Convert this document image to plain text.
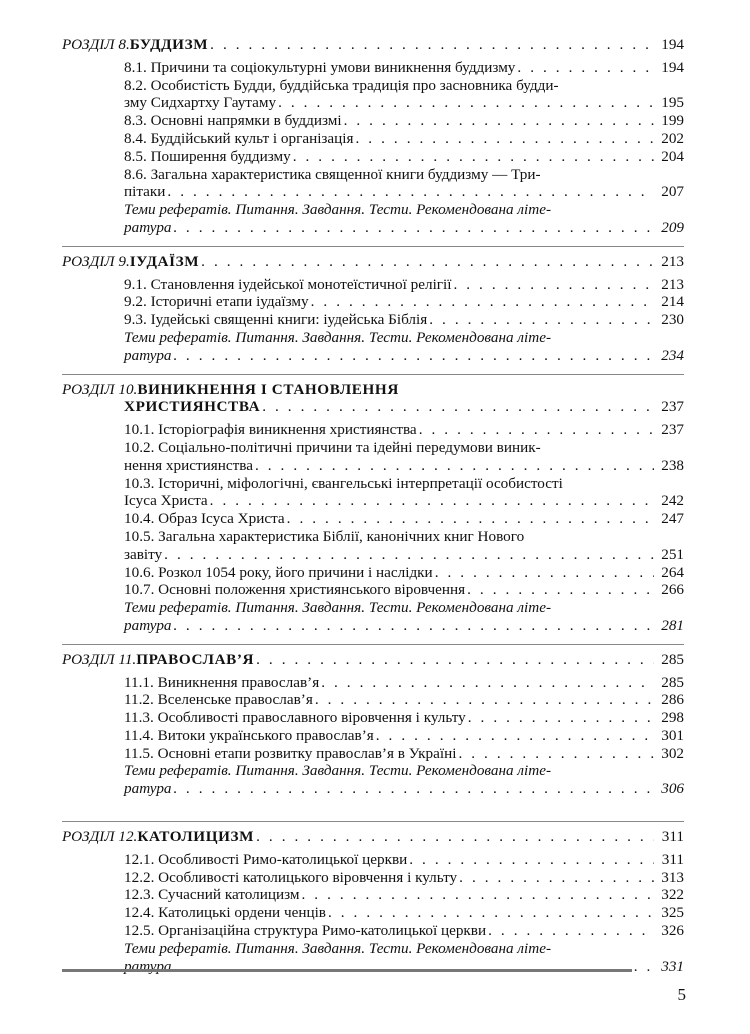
РОЗДІЛ 8. БУДДИЗМ . . .	194
8.1. Причини та соціокультурні умови виникнення буддизму . . .	194
8.2. Особистість Будди, буддійська традиція про засновника будди-
зму Сидхартху Гаутаму . . .	195
8.3. Основні напрямки в буддизмі . . .	199
8.4. Буддійський культ і організація . . .	202
8.5. Поширення буддизму . . .	204
8.6. Загальна характеристика священної книги буддизму — Три-
пітаки . . .	207
Теми рефератів. Питання. Завдання. Тести. Рекомендована літе-
ратура . . .	209
РОЗДІЛ 9. ІУДАЇЗМ . . .	213
9.1. Становлення іудейської монотеїстичної релігії . . .	213
9.2. Історичні етапи іудаїзму . . .	214
9.3. Іудейські священні книги: іудейська Біблія . . .	230
Теми рефератів. Питання. Завдання. Тести. Рекомендована літе-
ратура . . .	234
РОЗДІЛ 10. ВИНИКНЕННЯ І СТАНОВЛЕННЯ
ХРИСТИЯНСТВА . . .	237
10.1. Історіографія виникнення християнства . . .	237
10.2. Соціально-політичні причини та ідейні передумови виник-
нення християнства . . .	238
10.3. Історичні, міфологічні, євангельські інтерпретації особистості
Ісуса Христа . . .	242
10.4. Образ Ісуса Христа . . .	247
10.5. Загальна характеристика Біблії, канонічних книг Нового
завіту . . .	251
10.6. Розкол 1054 року, його причини і наслідки . . .	264
10.7. Основні положення християнського віровчення . . .	266
Теми рефератів. Питання. Завдання. Тести. Рекомендована літе-
ратура . . .	281
РОЗДІЛ 11. ПРАВОСЛАВ’Я . . .	285
11.1. Виникнення православ’я . . .	285
11.2. Вселенське православ’я . . .	286
11.3. Особливості православного віровчення і культу . . .	298
11.4. Витоки українського православ’я . . .	301
11.5. Основні етапи розвитку православ’я в Україні . . .	302
Теми рефератів. Питання. Завдання. Тести. Рекомендована літе-
ратура . . .	306
РОЗДІЛ 12. КАТОЛИЦИЗМ . . .	311
12.1. Особливості Римо-католицької церкви . . .	311
12.2. Особливості католицького віровчення і культу . . .	313
12.3. Сучасний католицизм . . .	322
12.4. Католицькі ордени ченців . . .	325
12.5. Організаційна структура Римо-католицької церкви . . .	326
Теми рефератів. Питання. Завдання. Тести. Рекомендована літе-
ратура . . .	331
5
